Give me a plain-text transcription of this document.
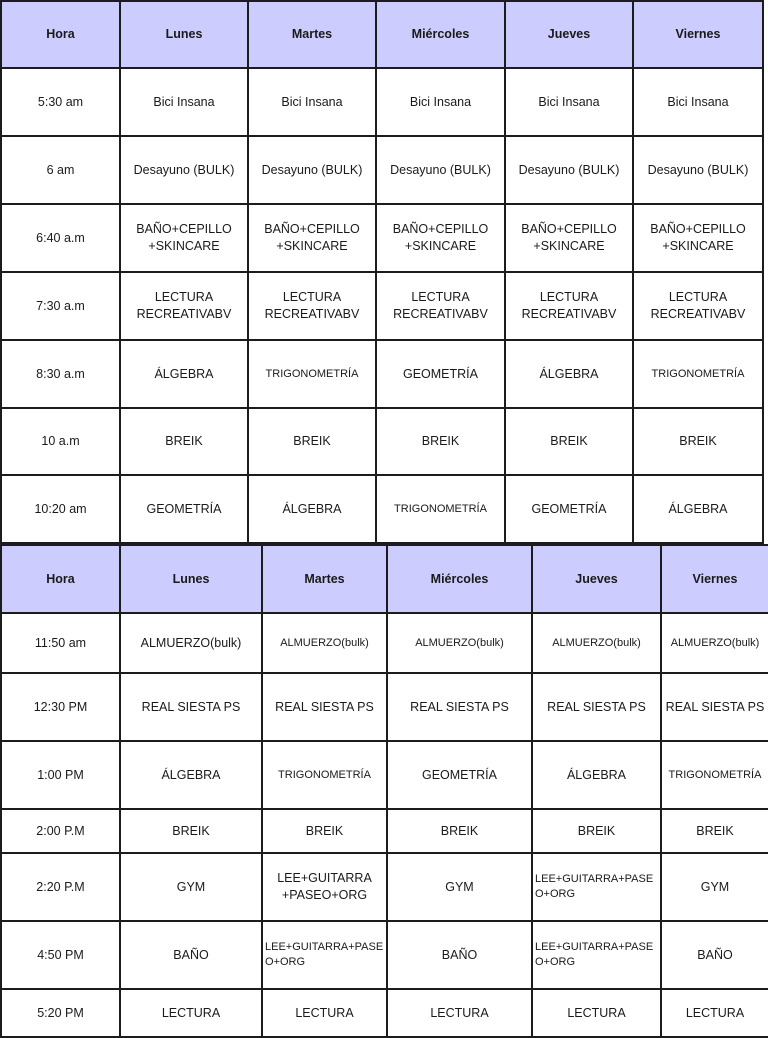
Hora	Lunes	Martes	Miércoles	Jueves	Viernes
5:30 am	Bici Insana	Bici Insana	Bici Insana	Bici Insana	Bici Insana
6 am	Desayuno (BULK)	Desayuno (BULK)	Desayuno (BULK)	Desayuno (BULK)	Desayuno (BULK)
6:40 a.m	BAÑO+CEPILLO +SKINCARE	BAÑO+CEPILLO +SKINCARE	BAÑO+CEPILLO +SKINCARE	BAÑO+CEPILLO +SKINCARE	BAÑO+CEPILLO +SKINCARE
7:30 a.m	LECTURA RECREATIVABV	LECTURA RECREATIVABV	LECTURA RECREATIVABV	LECTURA RECREATIVABV	LECTURA RECREATIVABV
8:30 a.m	ÁLGEBRA	TRIGONOMETRÍA	GEOMETRÍA	ÁLGEBRA	TRIGONOMETRÍA
10 a.m	BREIK	BREIK	BREIK	BREIK	BREIK
10:20 am	GEOMETRÍA	ÁLGEBRA	TRIGONOMETRÍA	GEOMETRÍA	ÁLGEBRA
Hora	Lunes	Martes	Miércoles	Jueves	Viernes
11:50 am	ALMUERZO(bulk)	ALMUERZO(bulk)	ALMUERZO(bulk)	ALMUERZO(bulk)	ALMUERZO(bulk)
12:30 PM	REAL SIESTA PS	REAL SIESTA PS	REAL SIESTA PS	REAL SIESTA PS	REAL SIESTA PS
1:00 PM	ÁLGEBRA	TRIGONOMETRÍA	GEOMETRÍA	ÁLGEBRA	TRIGONOMETRÍA
2:00 P.M	BREIK	BREIK	BREIK	BREIK	BREIK
2:20 P.M	GYM	LEE+GUITARRA +PASEO+ORG	GYM	LEE+GUITARRA+PASEO+ORG	GYM
4:50 PM	BAÑO	LEE+GUITARRA+PASEO+ORG	BAÑO	LEE+GUITARRA+PASEO+ORG	BAÑO
5:20 PM	LECTURA	LECTURA	LECTURA	LECTURA	LECTURA
